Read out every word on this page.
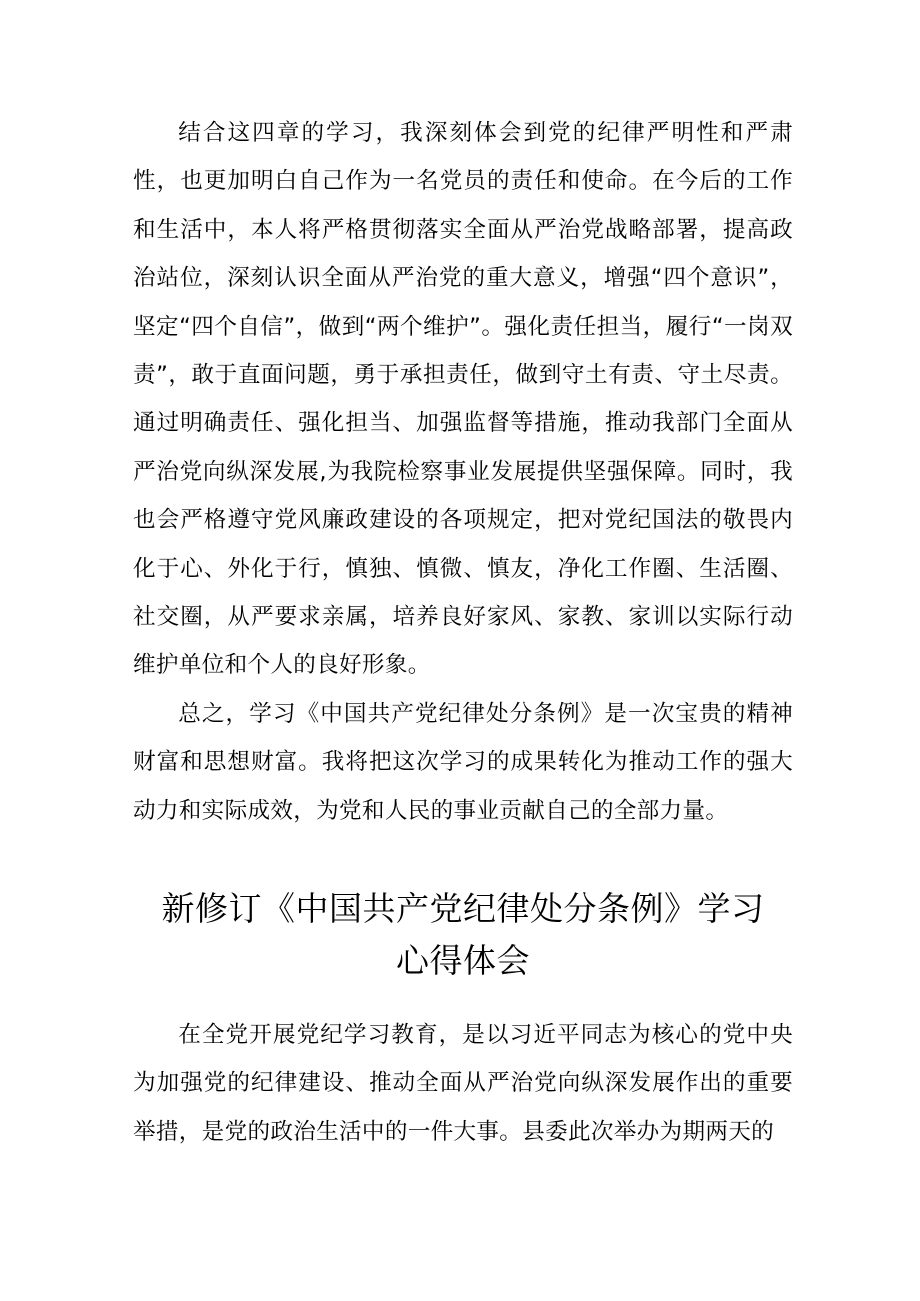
结合这四章的学习，我深刻体会到党的纪律严明性和严肃性，也更加明白自己作为一名党员的责任和使命。在今后的工作和生活中，本人将严格贯彻落实全面从严治党战略部署，提高政治站位，深刻认识全面从严治党的重大意义，增强“四个意识”，坚定“四个自信”，做到“两个维护”。强化责任担当，履行“一岗双责”，敢于直面问题，勇于承担责任，做到守土有责、守土尽责。通过明确责任、强化担当、加强监督等措施，推动我部门全面从严治党向纵深发展,为我院检察事业发展提供坚强保障。同时，我也会严格遵守党风廉政建设的各项规定，把对党纪国法的敬畏内化于心、外化于行，慎独、慎微、慎友，净化工作圈、生活圈、社交圈，从严要求亲属，培养良好家风、家教、家训以实际行动维护单位和个人的良好形象。

总之，学习《中国共产党纪律处分条例》是一次宝贵的精神财富和思想财富。我将把这次学习的成果转化为推动工作的强大动力和实际成效，为党和人民的事业贡献自己的全部力量。

新修订《中国共产党纪律处分条例》学习
心得体会

在全党开展党纪学习教育，是以习近平同志为核心的党中央为加强党的纪律建设、推动全面从严治党向纵深发展作出的重要举措，是党的政治生活中的一件大事。县委此次举办为期两天的
